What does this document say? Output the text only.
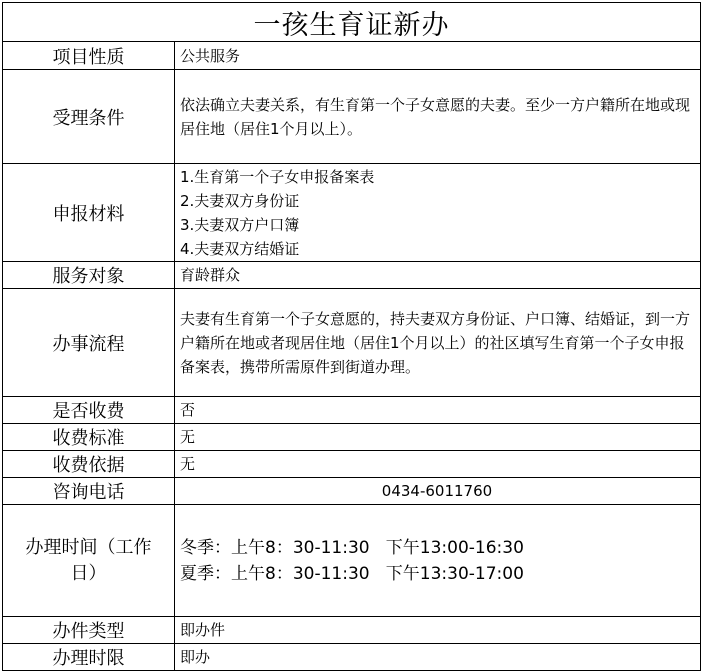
一孩生育证新办
项目性质	公共服务
受理条件	依法确立夫妻关系，有生育第一个子女意愿的夫妻。至少一方户籍所在地或现居住地（居住1个月以上）。
申报材料	1.生育第一个子女申报备案表
2.夫妻双方身份证
3.夫妻双方户口簿
4.夫妻双方结婚证

服务对象	育龄群众
办事流程	夫妻有生育第一个子女意愿的，持夫妻双方身份证、户口簿、结婚证，到一方户籍所在地或者现居住地（居住1个月以上）的社区填写生育第一个子女申报备案表，携带所需原件到街道办理。
是否收费	否
收费标准	无
收费依据	无
咨询电话	0434-6011760

办理时间（工作
日）	冬季：上午8：30-11:30   下午13:00-16:30
夏季：上午8：30-11:30   下午13:30-17:00

办件类型	即办件
办理时限	即办
